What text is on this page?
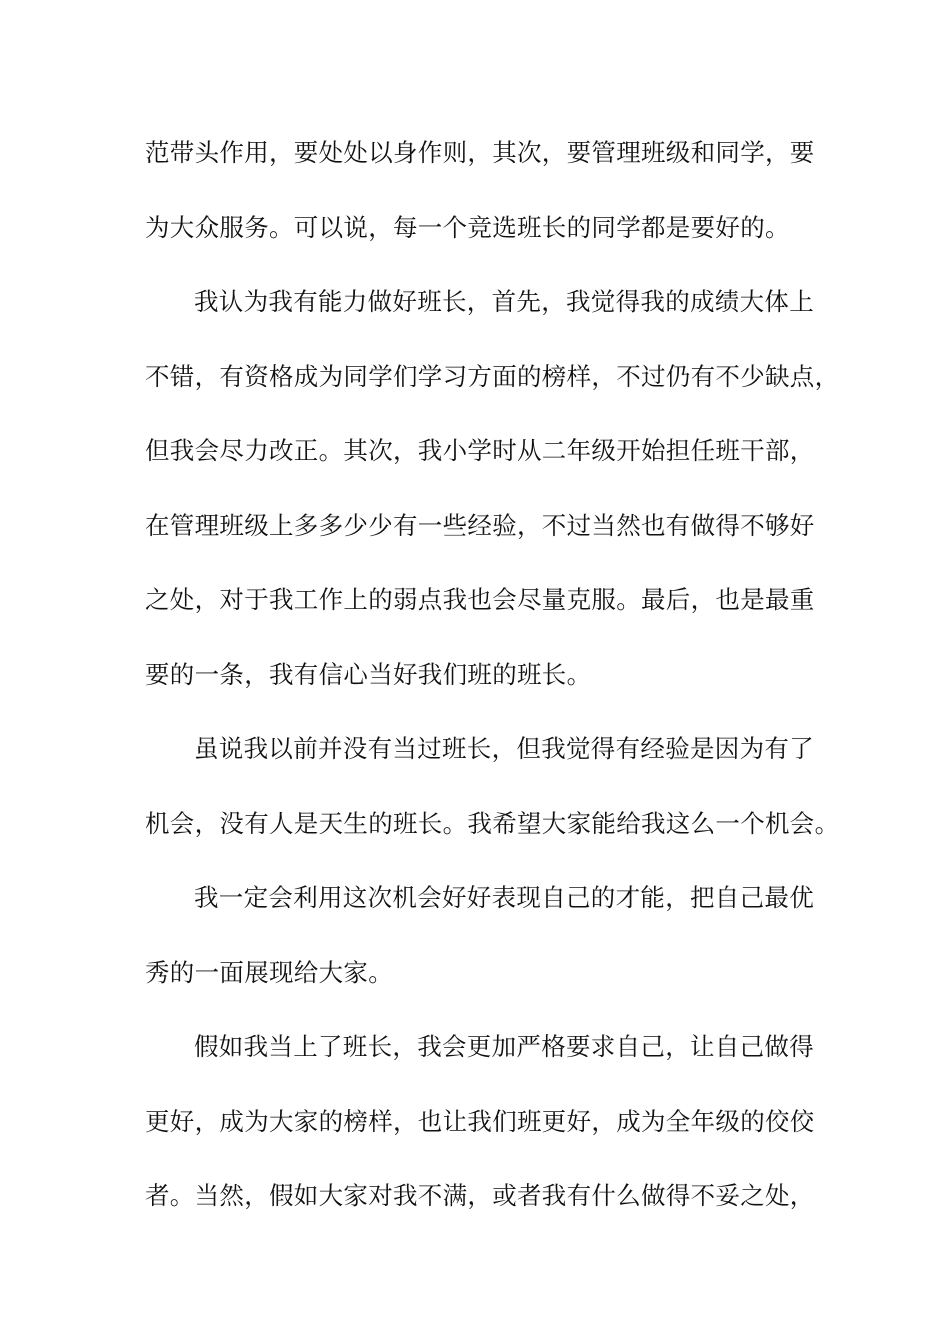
范带头作用，要处处以身作则，其次，要管理班级和同学，要
为大众服务。可以说，每一个竞选班长的同学都是要好的。
我认为我有能力做好班长，首先，我觉得我的成绩大体上
不错，有资格成为同学们学习方面的榜样，不过仍有不少缺点，
但我会尽力改正。其次，我小学时从二年级开始担任班干部，
在管理班级上多多少少有一些经验，不过当然也有做得不够好
之处，对于我工作上的弱点我也会尽量克服。最后，也是最重
要的一条，我有信心当好我们班的班长。
虽说我以前并没有当过班长，但我觉得有经验是因为有了
机会，没有人是天生的班长。我希望大家能给我这么一个机会。
我一定会利用这次机会好好表现自己的才能，把自己最优
秀的一面展现给大家。
假如我当上了班长，我会更加严格要求自己，让自己做得
更好，成为大家的榜样，也让我们班更好，成为全年级的佼佼
者。当然，假如大家对我不满，或者我有什么做得不妥之处，
